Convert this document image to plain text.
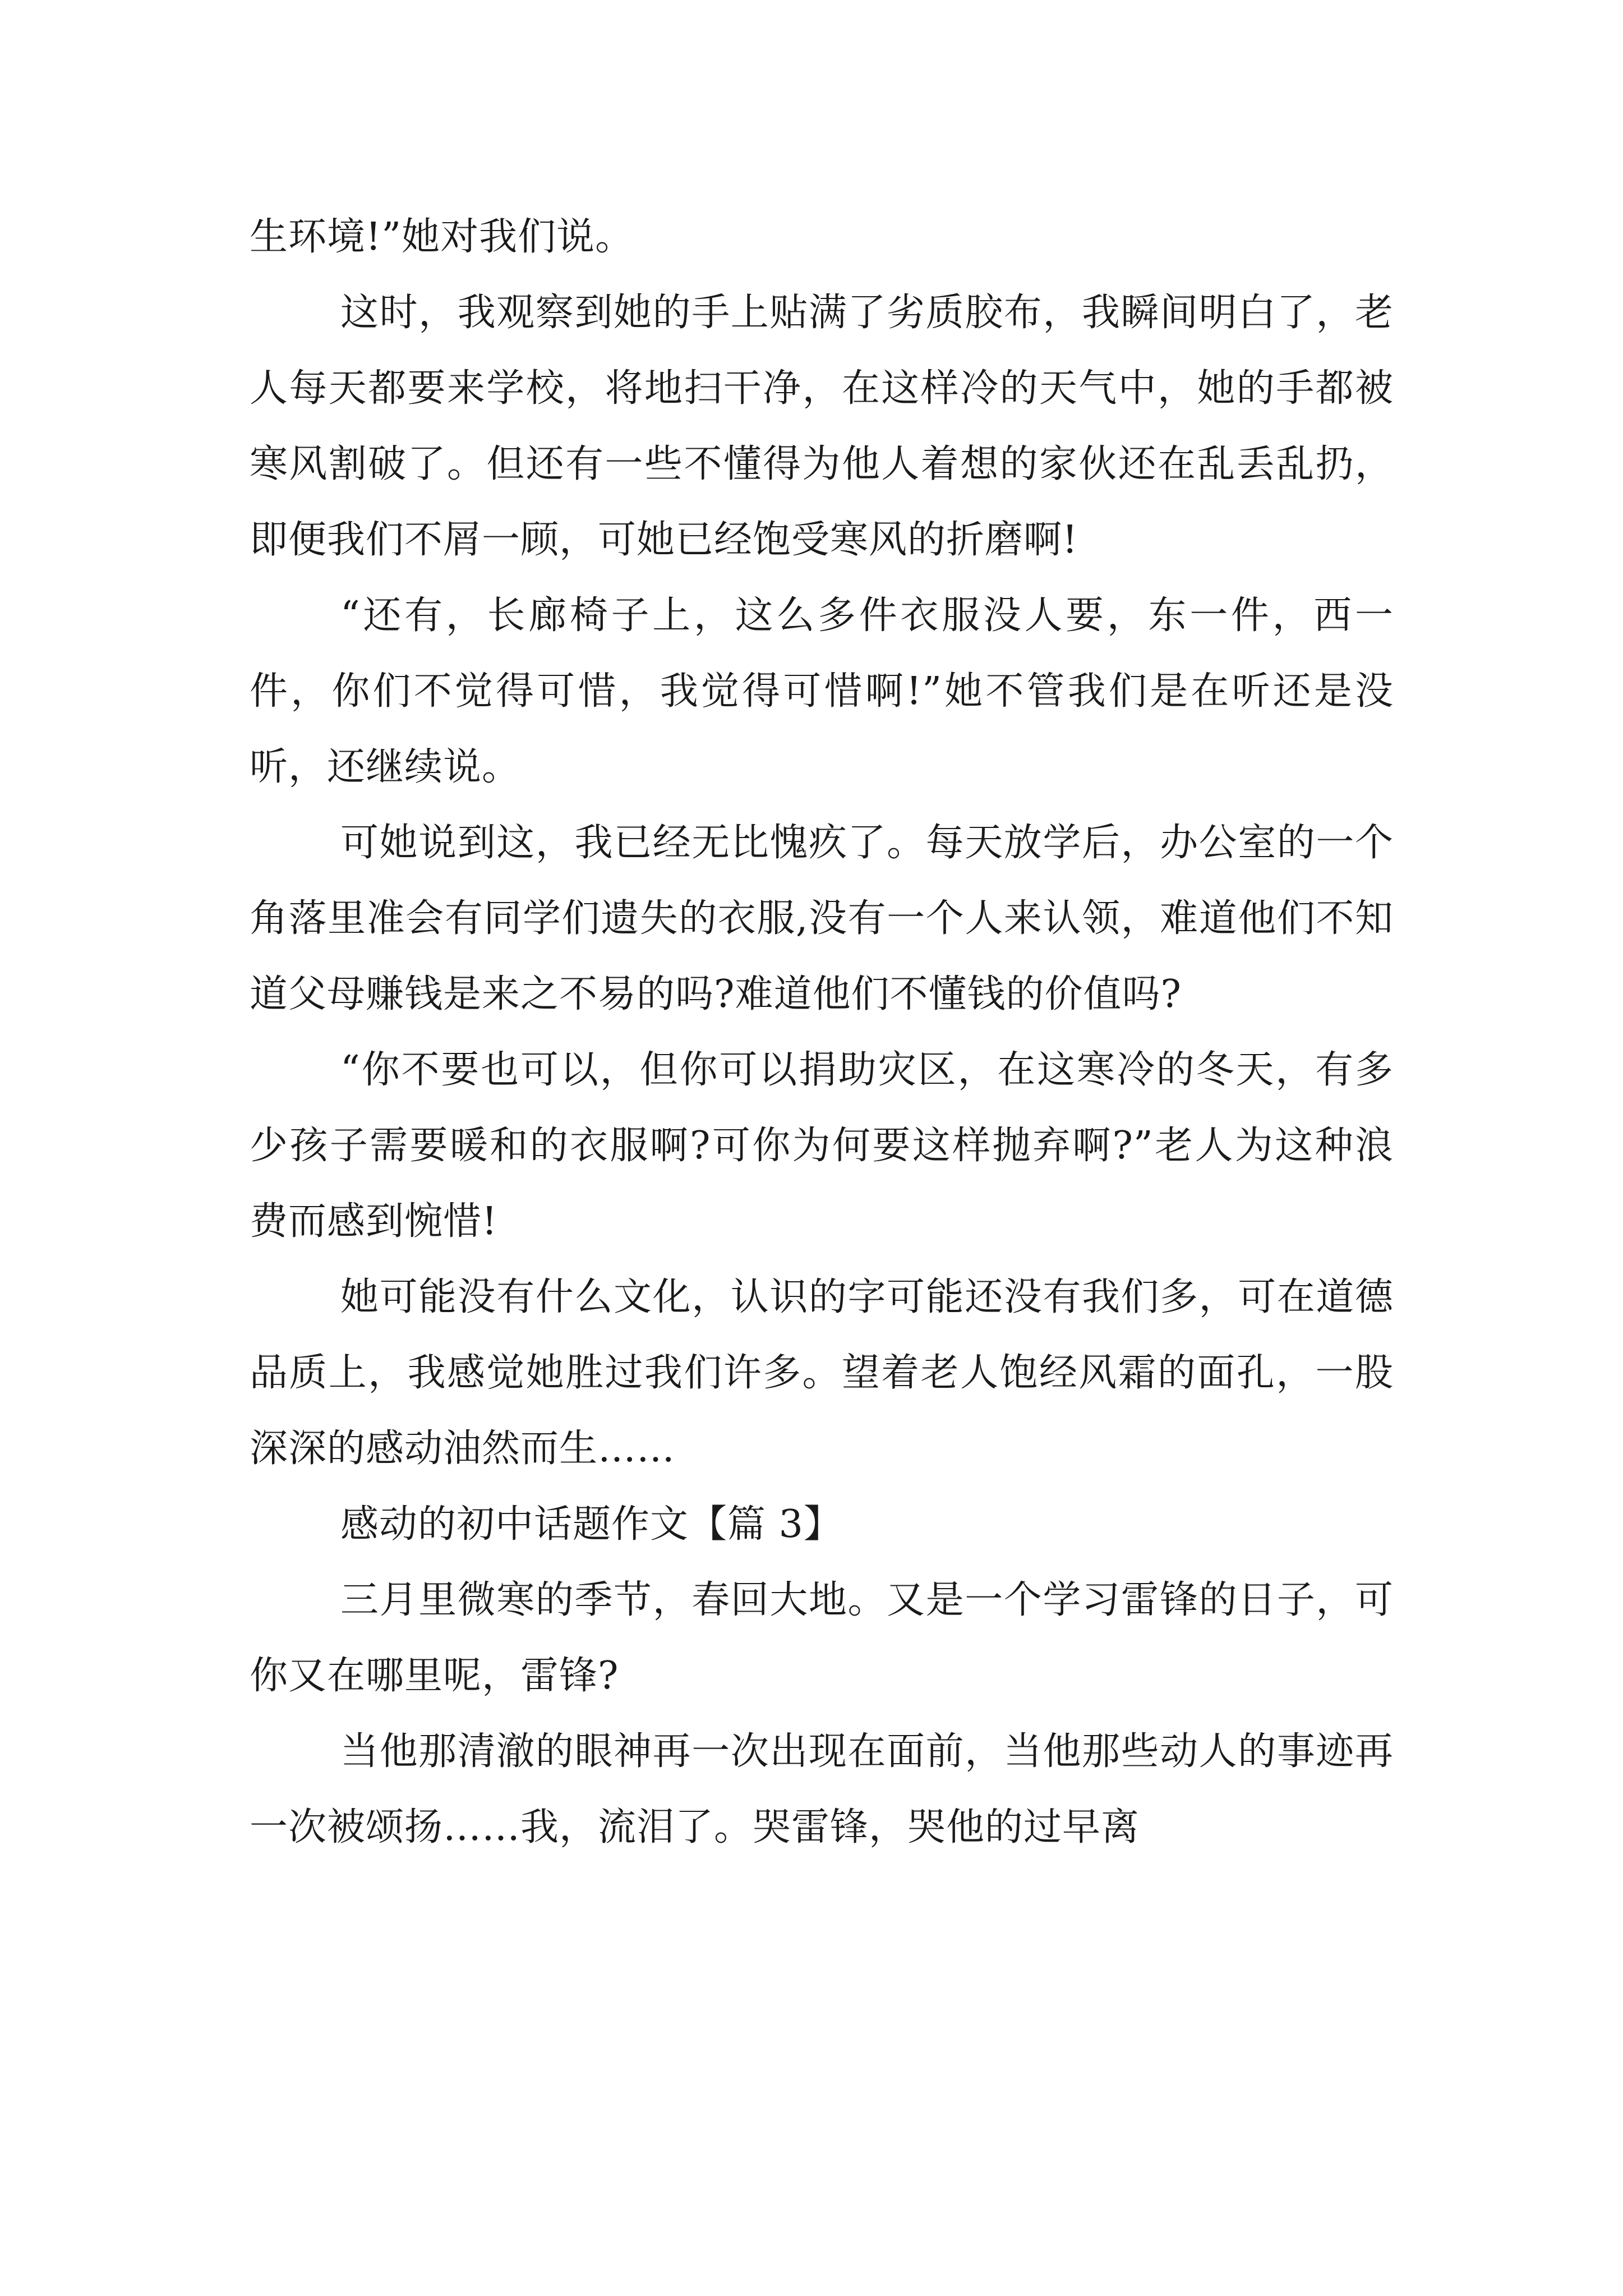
生环境!”她对我们说。

这时，我观察到她的手上贴满了劣质胶布，我瞬间明白了，老人每天都要来学校，将地扫干净，在这样冷的天气中，她的手都被寒风割破了。但还有一些不懂得为他人着想的家伙还在乱丢乱扔，即便我们不屑一顾，可她已经饱受寒风的折磨啊!

“还有，长廊椅子上，这么多件衣服没人要，东一件，西一件，你们不觉得可惜，我觉得可惜啊!”她不管我们是在听还是没听，还继续说。

可她说到这，我已经无比愧疚了。每天放学后，办公室的一个角落里准会有同学们遗失的衣服,没有一个人来认领，难道他们不知道父母赚钱是来之不易的吗?难道他们不懂钱的价值吗?

“你不要也可以，但你可以捐助灾区，在这寒冷的冬天，有多少孩子需要暖和的衣服啊?可你为何要这样抛弃啊?”老人为这种浪费而感到惋惜!

她可能没有什么文化，认识的字可能还没有我们多，可在道德品质上，我感觉她胜过我们许多。望着老人饱经风霜的面孔，一股深深的感动油然而生……

感动的初中话题作文【篇 3】

三月里微寒的季节，春回大地。又是一个学习雷锋的日子，可你又在哪里呢，雷锋?

当他那清澈的眼神再一次出现在面前，当他那些动人的事迹再一次被颂扬……我，流泪了。哭雷锋，哭他的过早离
